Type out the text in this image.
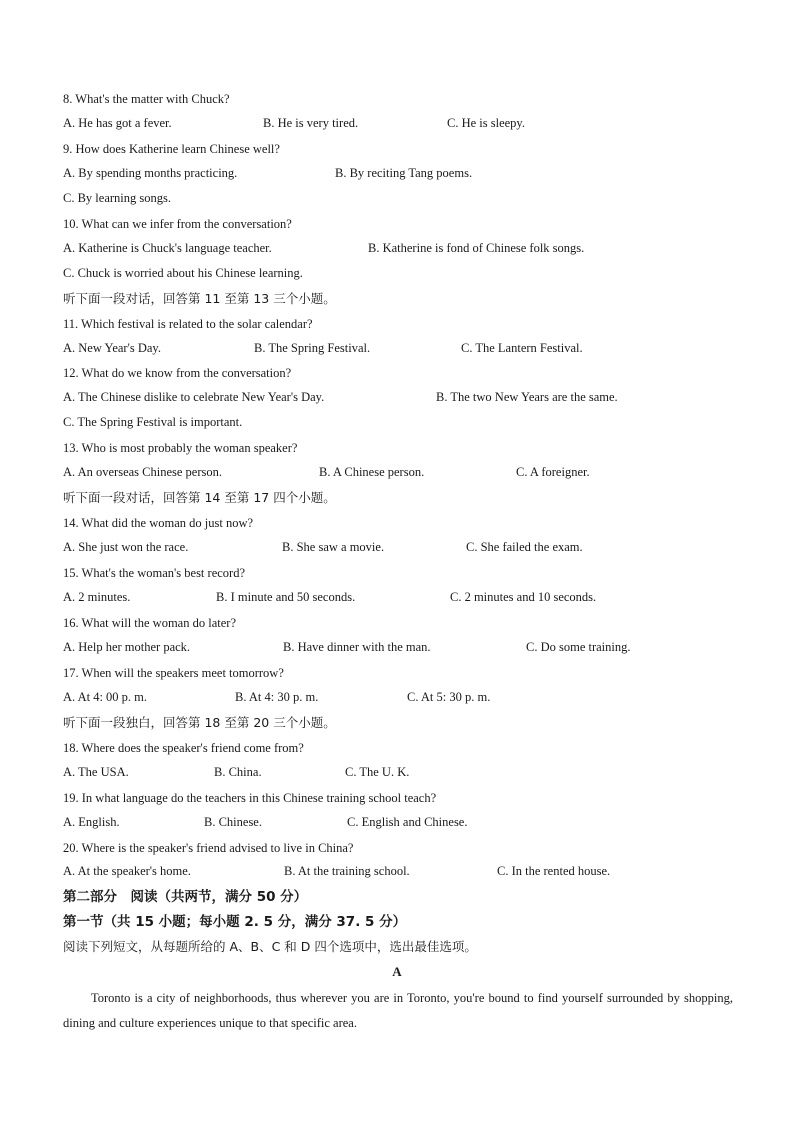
8. What's the matter with Chuck?
A. He has got a fever.	B. He is very tired.	C. He is sleepy.
9. How does Katherine learn Chinese well?
A. By spending months practicing.	B. By reciting Tang poems.
C. By learning songs.
10. What can we infer from the conversation?
A. Katherine is Chuck's language teacher.	B. Katherine is fond of Chinese folk songs.
C. Chuck is worried about his Chinese learning.
听下面一段对话，回答第 11 至第 13 三个小题。
11. Which festival is related to the solar calendar?
A. New Year's Day.	B. The Spring Festival.	C. The Lantern Festival.
12. What do we know from the conversation?
A. The Chinese dislike to celebrate New Year's Day.	B. The two New Years are the same.
C. The Spring Festival is important.
13. Who is most probably the woman speaker?
A. An overseas Chinese person.	B. A Chinese person.	C. A foreigner.
听下面一段对话，回答第 14 至第 17 四个小题。
14. What did the woman do just now?
A. She just won the race.	B. She saw a movie.	C. She failed the exam.
15. What's the woman's best record?
A. 2 minutes.	B. I minute and 50 seconds.	C. 2 minutes and 10 seconds.
16. What will the woman do later?
A. Help her mother pack.	B. Have dinner with the man.	C. Do some training.
17. When will the speakers meet tomorrow?
A. At 4: 00 p. m.	B. At 4: 30 p. m.	C. At 5: 30 p. m.
听下面一段独白，回答第 18 至第 20 三个小题。
18. Where does the speaker's friend come from?
A. The USA.	B. China.	C. The U. K.
19. In what language do the teachers in this Chinese training school teach?
A. English.	B. Chinese.	C. English and Chinese.
20. Where is the speaker's friend advised to live in China?
A. At the speaker's home.	B. At the training school.	C. In the rented house.
第二部分　阅读（共两节，满分 50 分）
第一节（共 15 小题；每小题 2. 5 分，满分 37. 5 分）
阅读下列短文，从每题所给的 A、B、C 和 D 四个选项中，选出最佳选项。
A
Toronto is a city of neighborhoods, thus wherever you are in Toronto, you're bound to find yourself surrounded by shopping, dining and culture experiences unique to that specific area.
